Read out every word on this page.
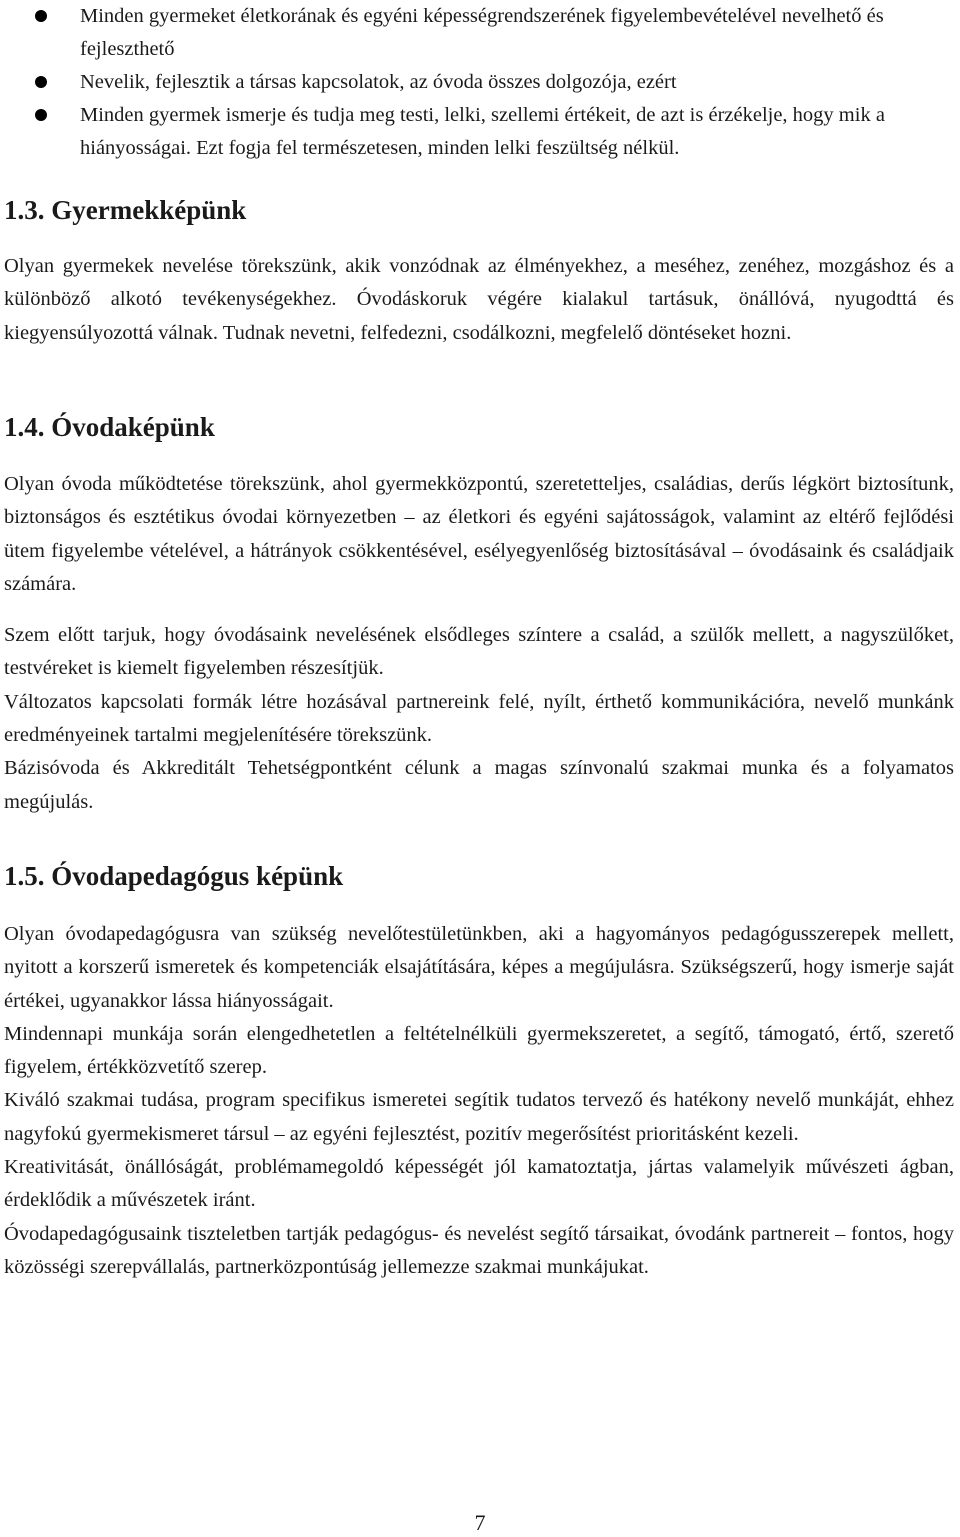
Minden gyermeket életkorának és egyéni képességrendszerének figyelembevételével nevelhető és fejleszthető
Nevelik, fejlesztik a társas kapcsolatok, az óvoda összes dolgozója, ezért
Minden gyermek ismerje és tudja meg testi, lelki, szellemi értékeit, de azt is érzékelje, hogy mik a hiányosságai. Ezt fogja fel természetesen, minden lelki feszültség nélkül.
1.3. Gyermekképünk

Olyan gyermekek nevelése törekszünk, akik vonzódnak az élményekhez, a meséhez, zenéhez, mozgáshoz és a különböző alkotó tevékenységekhez. Óvodáskoruk végére kialakul tartásuk, önállóvá, nyugodttá és kiegyensúlyozottá válnak. Tudnak nevetni, felfedezni, csodálkozni, megfelelő döntéseket hozni.

1.4. Óvodaképünk

Olyan óvoda működtetése törekszünk, ahol gyermekközpontú, szeretetteljes, családias, derűs légkört biztosítunk, biztonságos és esztétikus óvodai környezetben – az életkori és egyéni sajátosságok, valamint az eltérő fejlődési ütem figyelembe vételével, a hátrányok csökkentésével, esélyegyenlőség biztosításával – óvodásaink és családjaik számára.

Szem előtt tarjuk, hogy óvodásaink nevelésének elsődleges színtere a család, a szülők mellett, a nagyszülőket, testvéreket is kiemelt figyelemben részesítjük.

Változatos kapcsolati formák létre hozásával partnereink felé, nyílt, érthető kommunikációra, nevelő munkánk eredményeinek tartalmi megjelenítésére törekszünk.

Bázisóvoda és Akkreditált Tehetségpontként célunk a magas színvonalú szakmai munka és a folyamatos megújulás.

1.5. Óvodapedagógus képünk

Olyan óvodapedagógusra van szükség nevelőtestületünkben, aki a hagyományos pedagógusszerepek mellett, nyitott a korszerű ismeretek és kompetenciák elsajátítására, képes a megújulásra. Szükségszerű, hogy ismerje saját értékei, ugyanakkor lássa hiányosságait.

Mindennapi munkája során elengedhetetlen a feltételnélküli gyermekszeretet, a segítő, támogató, értő, szerető figyelem, értékközvetítő szerep.

Kiváló szakmai tudása, program specifikus ismeretei segítik tudatos tervező és hatékony nevelő munkáját, ehhez nagyfokú gyermekismeret társul – az egyéni fejlesztést, pozitív megerősítést prioritásként kezeli.

Kreativitását, önállóságát, problémamegoldó képességét jól kamatoztatja, jártas valamelyik művészeti ágban, érdeklődik a művészetek iránt.

Óvodapedagógusaink tiszteletben tartják pedagógus- és nevelést segítő társaikat, óvodánk partnereit – fontos, hogy közösségi szerepvállalás, partnerközpontúság jellemezze szakmai munkájukat.

7
